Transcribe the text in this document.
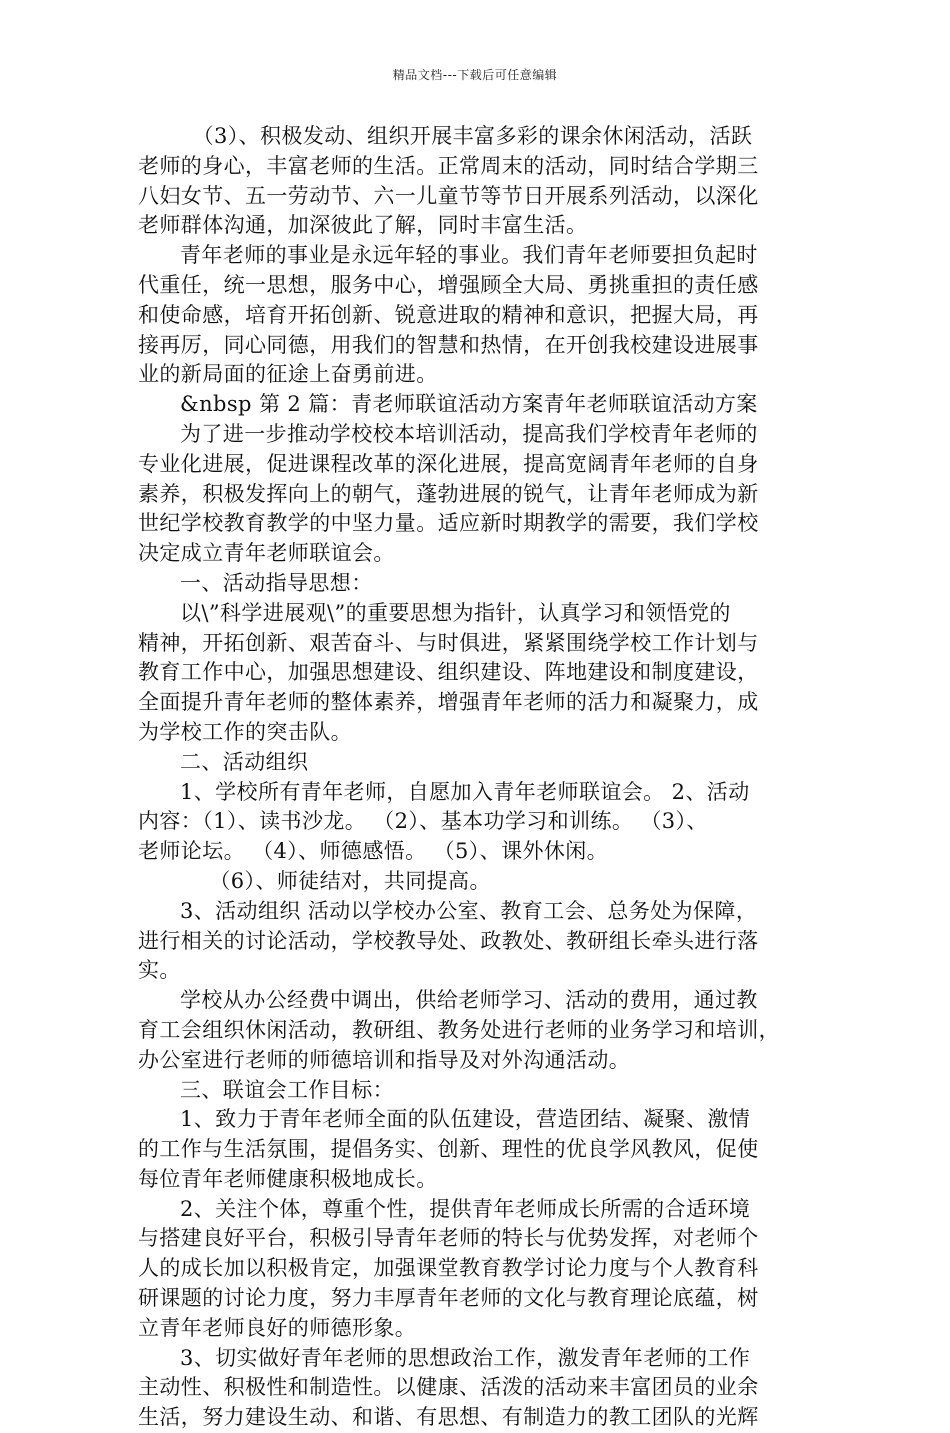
精品文档---下载后可任意编辑

（3）、积极发动、组织开展丰富多彩的课余休闲活动，活跃
老师的身心，丰富老师的生活。正常周末的活动，同时结合学期三
八妇女节、五一劳动节、六一儿童节等节日开展系列活动，以深化
老师群体沟通，加深彼此了解，同时丰富生活。

青年老师的事业是永远年轻的事业。我们青年老师要担负起时
代重任，统一思想，服务中心，增强顾全大局、勇挑重担的责任感
和使命感，培育开拓创新、锐意进取的精神和意识，把握大局，再
接再厉，同心同德，用我们的智慧和热情，在开创我校建设进展事
业的新局面的征途上奋勇前进。

&nbsp 第 2 篇：青老师联谊活动方案青年老师联谊活动方案

为了进一步推动学校校本培训活动，提高我们学校青年老师的
专业化进展，促进课程改革的深化进展，提高宽阔青年老师的自身
素养，积极发挥向上的朝气，蓬勃进展的锐气，让青年老师成为新
世纪学校教育教学的中坚力量。适应新时期教学的需要，我们学校
决定成立青年老师联谊会。

一、活动指导思想：

以\”科学进展观\”的重要思想为指针，认真学习和领悟党的
精神，开拓创新、艰苦奋斗、与时俱进，紧紧围绕学校工作计划与
教育工作中心，加强思想建设、组织建设、阵地建设和制度建设，
全面提升青年老师的整体素养，增强青年老师的活力和凝聚力，成
为学校工作的突击队。

二、活动组织

1、学校所有青年老师，自愿加入青年老师联谊会。 2、活动
内容：（1）、读书沙龙。 （2）、基本功学习和训练。 （3）、
老师论坛。 （4）、师德感悟。 （5）、课外休闲。

（6）、师徒结对，共同提高。

3、活动组织 活动以学校办公室、教育工会、总务处为保障，
进行相关的讨论活动，学校教导处、政教处、教研组长牵头进行落
实。

学校从办公经费中调出，供给老师学习、活动的费用，通过教
育工会组织休闲活动，教研组、教务处进行老师的业务学习和培训，
办公室进行老师的师德培训和指导及对外沟通活动。

三、联谊会工作目标：

1、致力于青年老师全面的队伍建设，营造团结、凝聚、激情
的工作与生活氛围，提倡务实、创新、理性的优良学风教风，促使
每位青年老师健康积极地成长。

2、关注个体，尊重个性，提供青年老师成长所需的合适环境
与搭建良好平台，积极引导青年老师的特长与优势发挥，对老师个
人的成长加以积极肯定，加强课堂教育教学讨论力度与个人教育科
研课题的讨论力度，努力丰厚青年老师的文化与教育理论底蕴，树
立青年老师良好的师德形象。

3、切实做好青年老师的思想政治工作，激发青年老师的工作
主动性、积极性和制造性。以健康、活泼的活动来丰富团员的业余
生活，努力建设生动、和谐、有思想、有制造力的教工团队的光辉
